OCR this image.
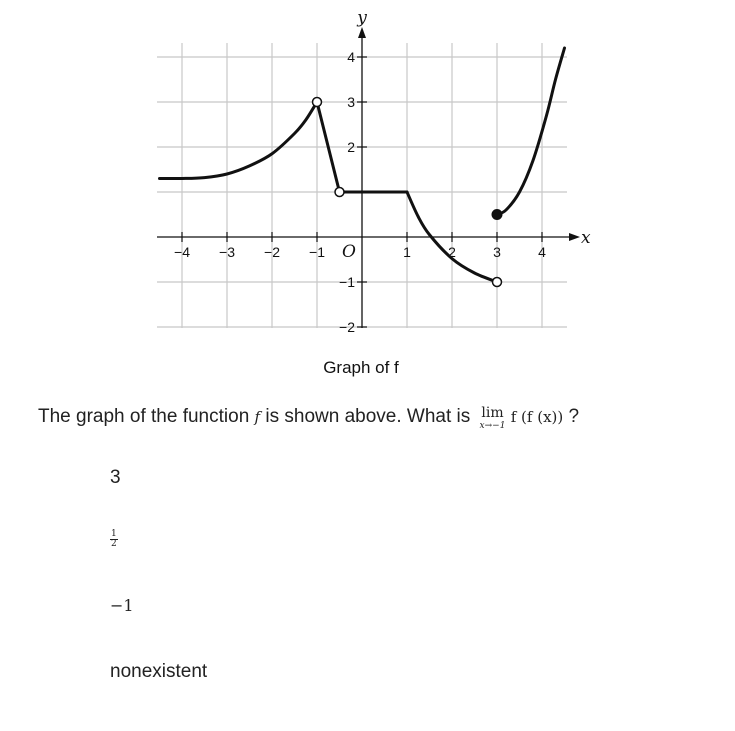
−4 −3 −2 −1	1	2	3	4
4
3
2
−1
−2
O
x
y
Graph of f
The graph of the function f is shown above. What is lim
x→−1 f (f (x)) ?
3
$\frac{1}{2}$
−1
nonexistent
